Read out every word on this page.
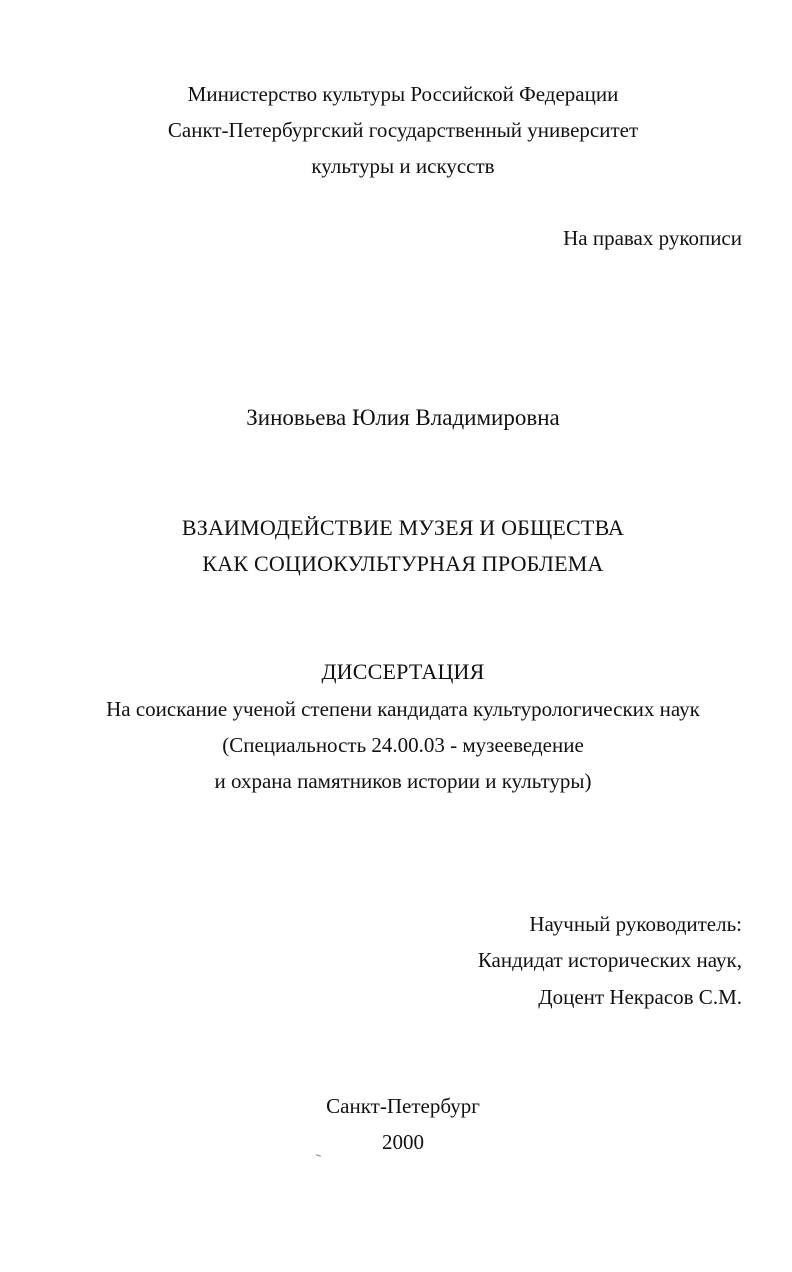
Министерство культуры Российской Федерации
Санкт-Петербургский государственный университет
культуры и искусств
На правах рукописи
Зиновьева Юлия Владимировна
ВЗАИМОДЕЙСТВИЕ МУЗЕЯ И ОБЩЕСТВА
КАК СОЦИОКУЛЬТУРНАЯ ПРОБЛЕМА
ДИССЕРТАЦИЯ
На соискание ученой степени кандидата культурологических наук
(Специальность 24.00.03 - музееведение
и охрана памятников истории и культуры)
Научный руководитель:
Кандидат исторических наук,
Доцент Некрасов С.М.
Санкт-Петербург
2000
